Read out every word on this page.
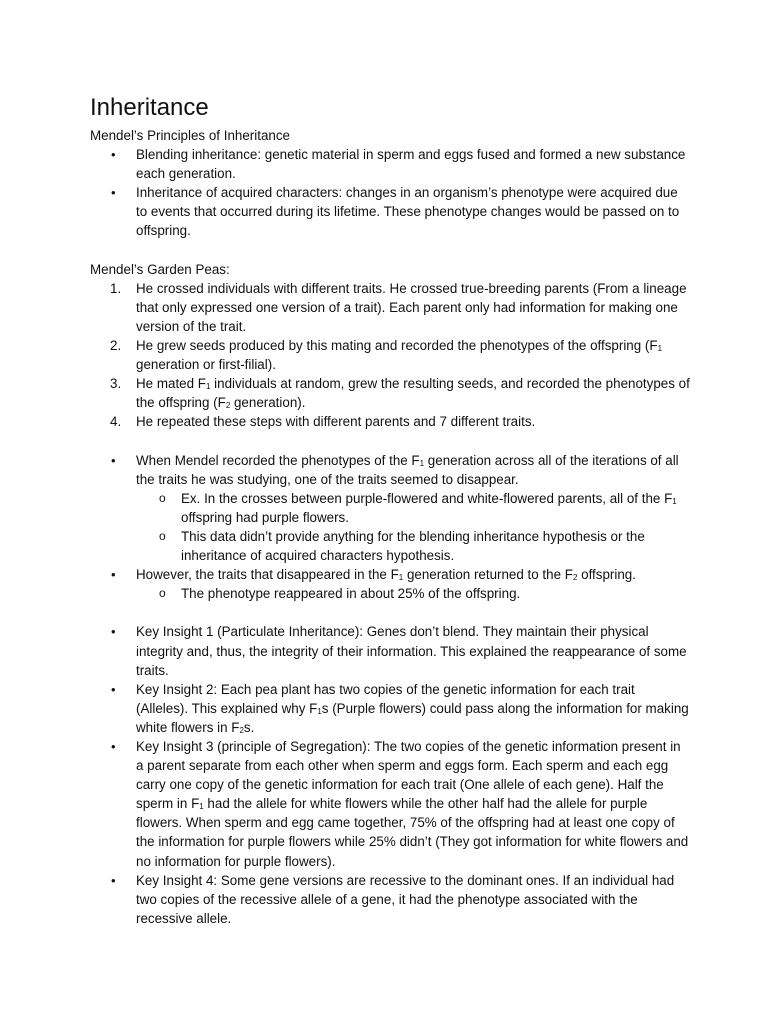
Inheritance
Mendel’s Principles of Inheritance
• Blending inheritance: genetic material in sperm and eggs fused and formed a new substance each generation.
• Inheritance of acquired characters: changes in an organism’s phenotype were acquired due to events that occurred during its lifetime. These phenotype changes would be passed on to offspring.
Mendel’s Garden Peas:
1. He crossed individuals with different traits. He crossed true-breeding parents (From a lineage that only expressed one version of a trait). Each parent only had information for making one version of the trait.
2. He grew seeds produced by this mating and recorded the phenotypes of the offspring ($F_1$ generation or first-filial).
3. He mated $F_1$ individuals at random, grew the resulting seeds, and recorded the phenotypes of the offspring ($F_2$ generation).
4. He repeated these steps with different parents and 7 different traits.
• When Mendel recorded the phenotypes of the $F_1$ generation across all of the iterations of all the traits he was studying, one of the traits seemed to disappear.
o Ex. In the crosses between purple-flowered and white-flowered parents, all of the $F_1$ offspring had purple flowers.
o This data didn’t provide anything for the blending inheritance hypothesis or the inheritance of acquired characters hypothesis.
• However, the traits that disappeared in the $F_1$ generation returned to the $F_2$ offspring.
o The phenotype reappeared in about 25% of the offspring.
• Key Insight 1 (Particulate Inheritance): Genes don’t blend. They maintain their physical integrity and, thus, the integrity of their information. This explained the reappearance of some traits.
• Key Insight 2: Each pea plant has two copies of the genetic information for each trait (Alleles). This explained why $F_1s$ (Purple flowers) could pass along the information for making white flowers in $F_2s$.
• Key Insight 3 (principle of Segregation): The two copies of the genetic information present in a parent separate from each other when sperm and eggs form. Each sperm and each egg carry one copy of the genetic information for each trait (One allele of each gene). Half the sperm in $F_1$ had the allele for white flowers while the other half had the allele for purple flowers. When sperm and egg came together, 75% of the offspring had at least one copy of the information for purple flowers while 25% didn’t (They got information for white flowers and no information for purple flowers).
• Key Insight 4: Some gene versions are recessive to the dominant ones. If an individual had two copies of the recessive allele of a gene, it had the phenotype associated with the recessive allele.
